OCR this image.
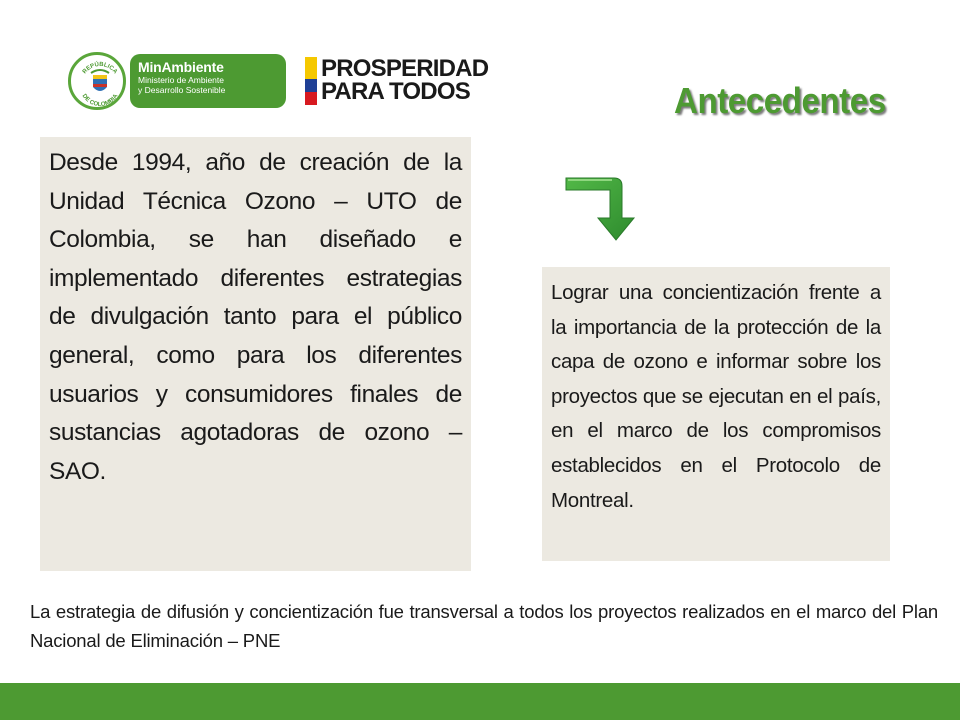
REPÚBLICA
DE COLOMBIA
MinAmbiente
Ministerio de Ambiente
y Desarrollo Sostenible
PROSPERIDAD
PARA TODOS	Antecedentes

Desde 1994, año de creación de la Unidad Técnica Ozono – UTO de Colombia, se han diseñado e implementado diferentes estrategias de divulgación tanto para el público general, como para los diferentes usuarios y consumidores finales de sustancias agotadoras de ozono – SAO.

Lograr una concientización frente a la importancia de la protección de la capa de ozono e informar sobre los proyectos que se ejecutan en el país, en el marco de los compromisos establecidos en el Protocolo de Montreal.

La estrategia de difusión y concientización fue transversal a todos los proyectos realizados en el marco del Plan Nacional de Eliminación – PNE
